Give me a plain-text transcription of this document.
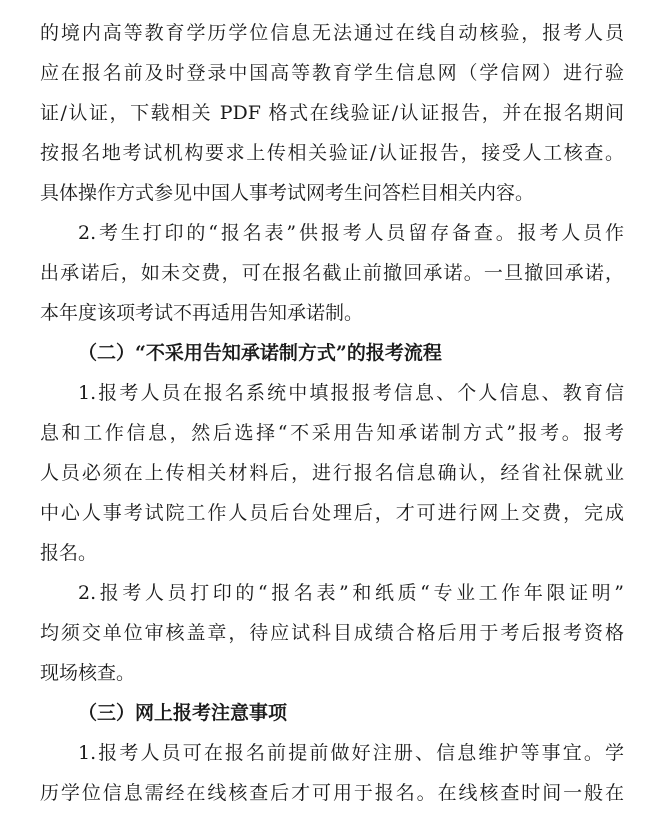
的境内高等教育学历学位信息无法通过在线自动核验，报考人员

应在报名前及时登录中国高等教育学生信息网（学信网）进行验

证/认证，下载相关 PDF 格式在线验证/认证报告，并在报名期间

按报名地考试机构要求上传相关验证/认证报告，接受人工核查。

具体操作方式参见中国人事考试网考生问答栏目相关内容。

2.考生打印的“报名表”供报考人员留存备查。报考人员作

出承诺后，如未交费，可在报名截止前撤回承诺。一旦撤回承诺，

本年度该项考试不再适用告知承诺制。

（二）“不采用告知承诺制方式”的报考流程

1.报考人员在报名系统中填报报考信息、个人信息、教育信

息和工作信息，然后选择“不采用告知承诺制方式”报考。报考

人员必须在上传相关材料后，进行报名信息确认，经省社保就业

中心人事考试院工作人员后台处理后，才可进行网上交费，完成

报名。

2.报考人员打印的“报名表”和纸质“专业工作年限证明”

均须交单位审核盖章，待应试科目成绩合格后用于考后报考资格

现场核查。

（三）网上报考注意事项

1.报考人员可在报名前提前做好注册、信息维护等事宜。学

历学位信息需经在线核查后才可用于报名。在线核查时间一般在
